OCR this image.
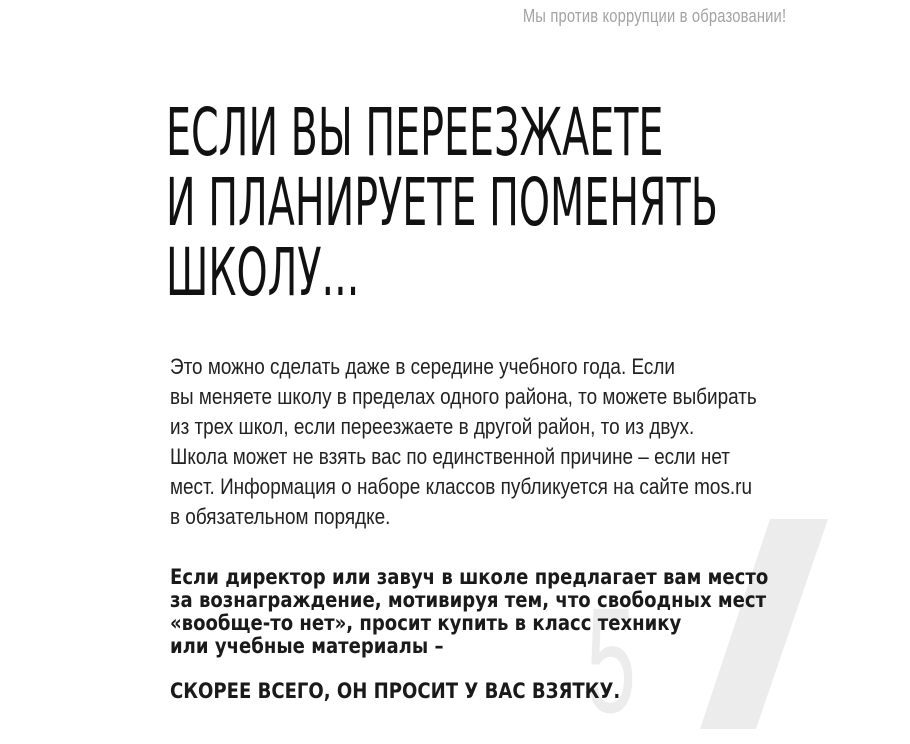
Мы против коррупции в образовании!
5
ЕСЛИ ВЫ ПЕРЕЕЗЖАЕТЕ
И ПЛАНИРУЕТЕ ПОМЕНЯТЬ
ШКОЛУ...

Это можно сделать даже в середине учебного года. Если
вы меняете школу в пределах одного района, то можете выбирать
из трех школ, если переезжаете в другой район, то из двух.
Школа может не взять вас по единственной причине – если нет
мест. Информация о наборе классов публикуется на сайте mos.ru
в обязательном порядке.

Если директор или завуч в школе предлагает вам место
за вознаграждение, мотивируя тем, что свободных мест
«вообще-то нет», просит купить в класс технику
или учебные материалы –

СКОРЕЕ ВСЕГО, ОН ПРОСИТ У ВАС ВЗЯТКУ.
